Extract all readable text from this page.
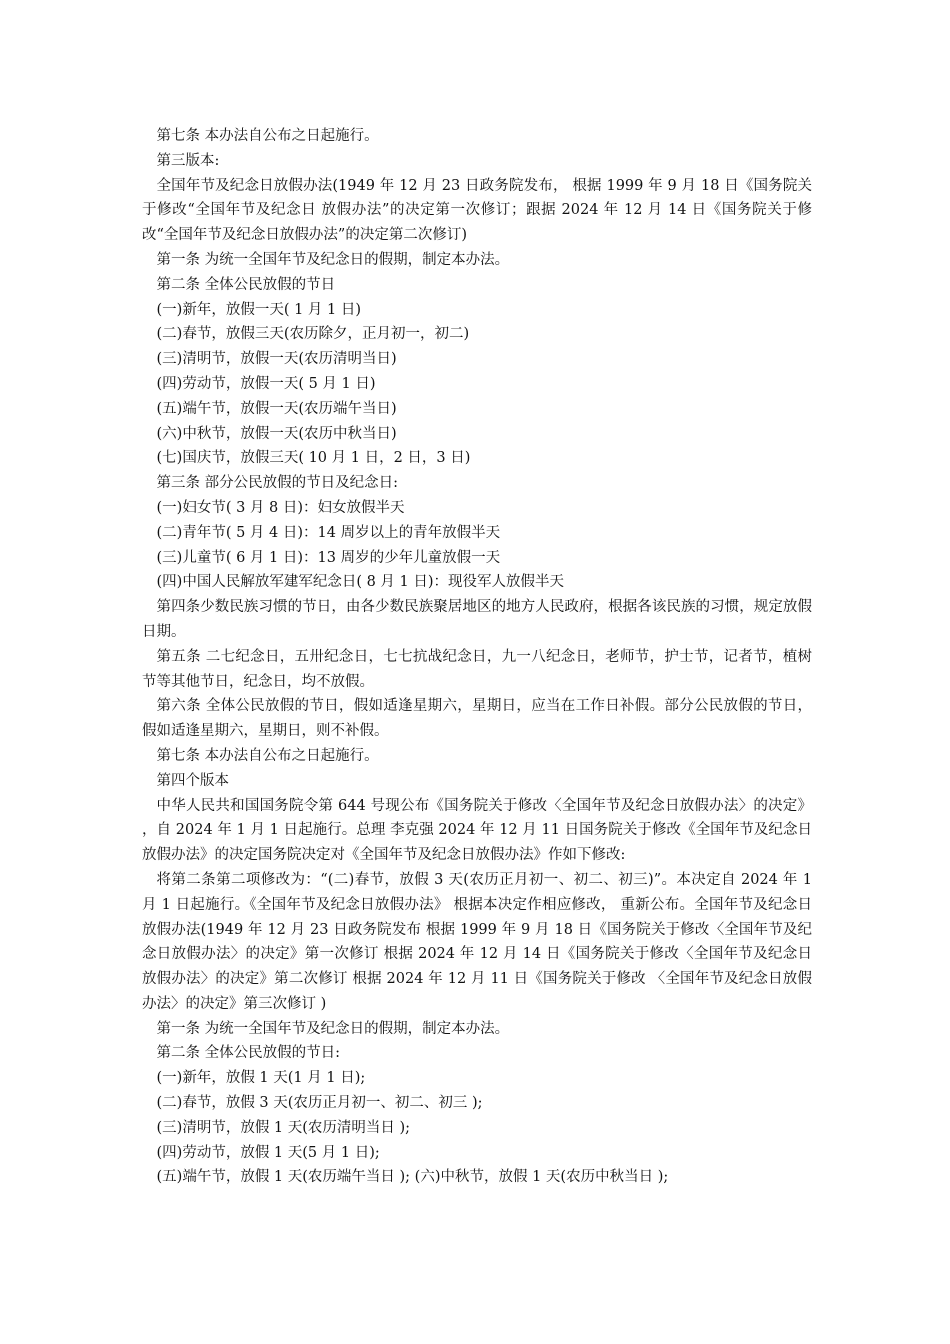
第七条 本办法自公布之日起施行。

第三版本:

全国年节及纪念日放假办法(1949 年 12 月 23 日政务院发布， 根据 1999 年 9 月 18 日《国务院关于修改“全国年节及纪念日 放假办法”的决定第一次修订；跟据 2024 年 12 月 14 日《国务院关于修改“全国年节及纪念日放假办法”的决定第二次修订)

第一条 为统一全国年节及纪念日的假期，制定本办法。

第二条 全体公民放假的节日

(一)新年，放假一天( 1 月 1 日)

(二)春节，放假三天(农历除夕，正月初一，初二)

(三)清明节，放假一天(农历清明当日)

(四)劳动节，放假一天( 5 月 1 日)

(五)端午节，放假一天(农历端午当日)

(六)中秋节，放假一天(农历中秋当日)

(七)国庆节，放假三天( 10 月 1 日，2 日，3 日)

第三条 部分公民放假的节日及纪念日:

(一)妇女节( 3 月 8 日)：妇女放假半天

(二)青年节( 5 月 4 日)：14 周岁以上的青年放假半天

(三)儿童节( 6 月 1 日)：13 周岁的少年儿童放假一天

(四)中国人民解放军建军纪念日( 8 月 1 日)：现役军人放假半天

第四条少数民族习惯的节日，由各少数民族聚居地区的地方人民政府，根据各该民族的习惯，规定放假日期。

第五条 二七纪念日，五卅纪念日，七七抗战纪念日，九一八纪念日，老师节，护士节，记者节，植树节等其他节日，纪念日，均不放假。

第六条 全体公民放假的节日，假如适逢星期六，星期日，应当在工作日补假。部分公民放假的节日，假如适逢星期六，星期日，则不补假。

第七条 本办法自公布之日起施行。

第四个版本

中华人民共和国国务院令第 644 号现公布《国务院关于修改〈全国年节及纪念日放假办法〉的决定》 ，自 2024 年 1 月 1 日起施行。总理 李克强 2024 年 12 月 11 日国务院关于修改《全国年节及纪念日放假办法》的决定国务院决定对《全国年节及纪念日放假办法》作如下修改:

将第二条第二项修改为：“(二)春节，放假 3 天(农历正月初一、初二、初三)”。本决定自 2024 年 1 月 1 日起施行。《全国年节及纪念日放假办法》 根据本决定作相应修改， 重新公布。全国年节及纪念日放假办法(1949 年 12 月 23 日政务院发布 根据 1999 年 9 月 18 日《国务院关于修改〈全国年节及纪念日放假办法〉的决定》第一次修订 根据 2024 年 12 月 14 日《国务院关于修改〈全国年节及纪念日放假办法〉的决定》第二次修订 根据 2024 年 12 月 11 日《国务院关于修改 〈全国年节及纪念日放假办法〉的决定》第三次修订 )

第一条 为统一全国年节及纪念日的假期，制定本办法。

第二条 全体公民放假的节日:

(一)新年，放假 1 天(1 月 1 日);

(二)春节，放假 3 天(农历正月初一、初二、初三 );

(三)清明节，放假 1 天(农历清明当日 );

(四)劳动节，放假 1 天(5 月 1 日);

(五)端午节，放假 1 天(农历端午当日 ); (六)中秋节，放假 1 天(农历中秋当日 );
